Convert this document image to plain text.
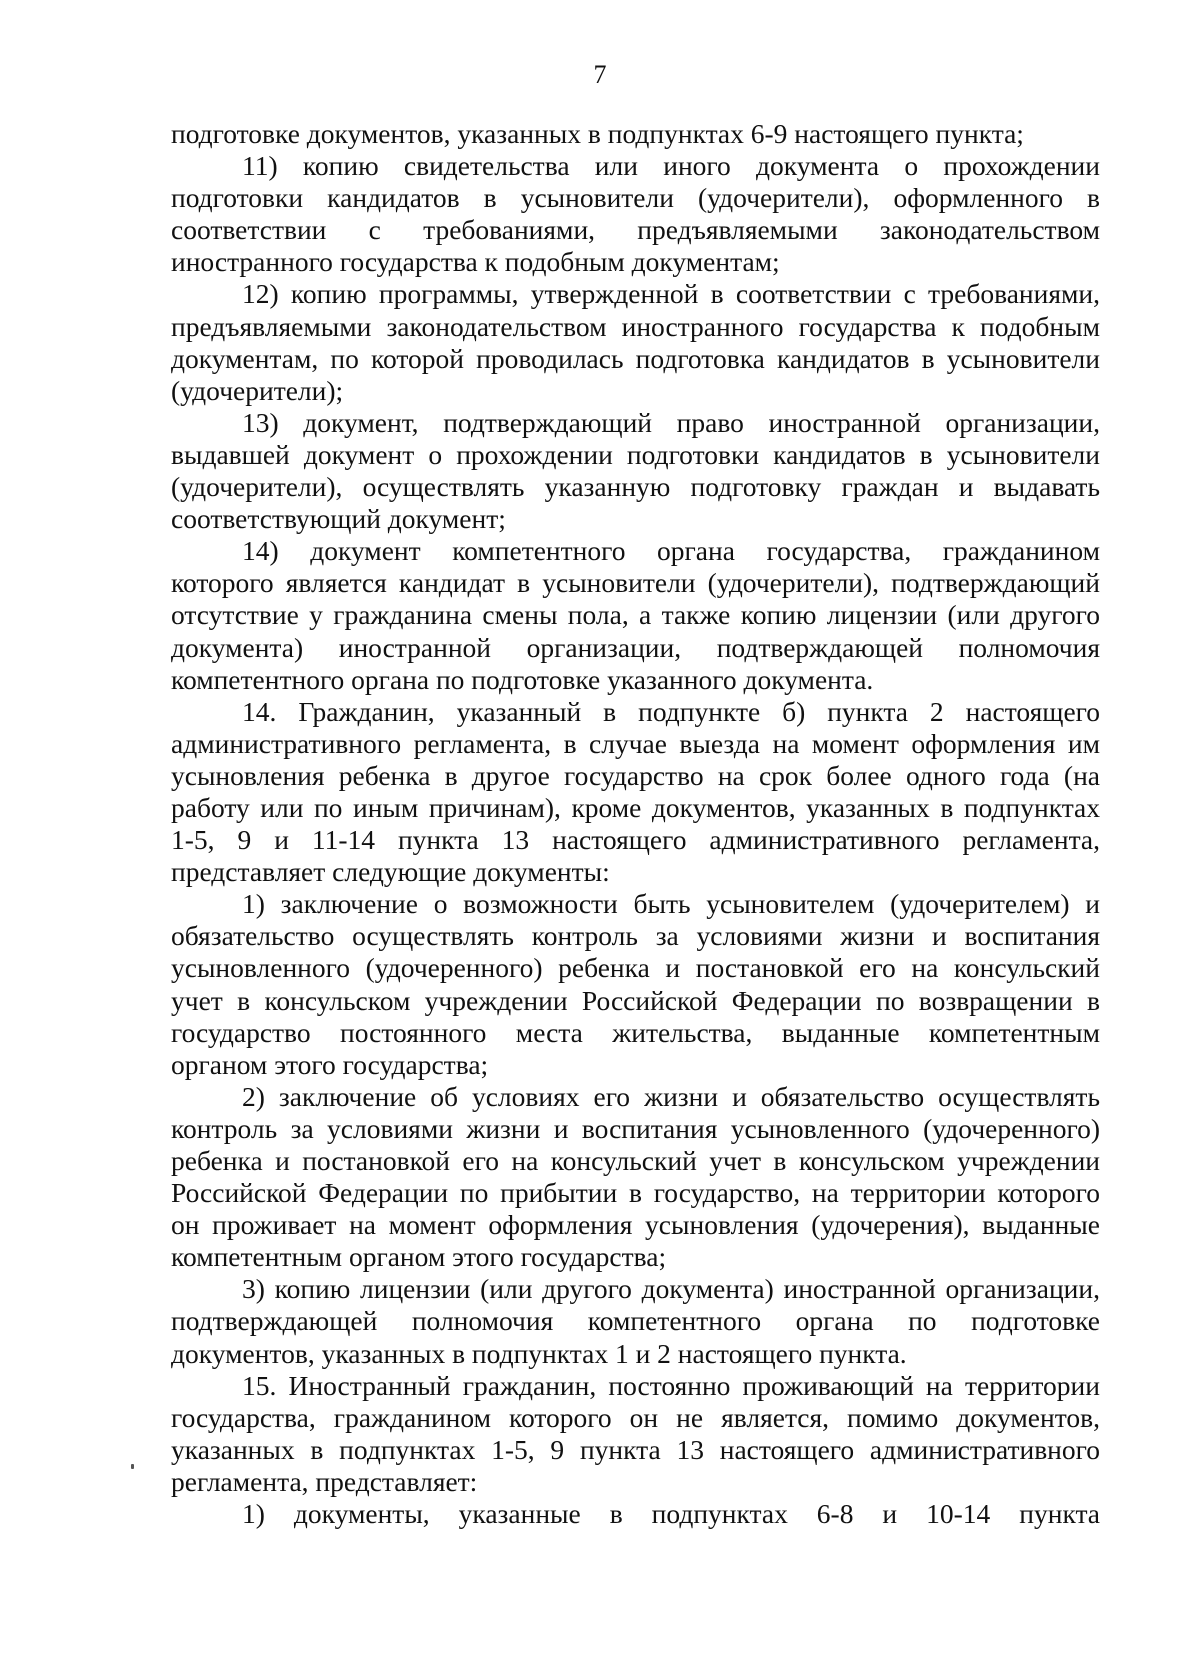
7
подготовке документов, указанных в подпунктах 6-9 настоящего пункта;
11) копию свидетельства или иного документа о прохождении
подготовки кандидатов в усыновители (удочерители), оформленного в
соответствии с требованиями, предъявляемыми законодательством
иностранного государства к подобным документам;
12) копию программы, утвержденной в соответствии с требованиями,
предъявляемыми законодательством иностранного государства к подобным
документам, по которой проводилась подготовка кандидатов в усыновители
(удочерители);
13) документ, подтверждающий право иностранной организации,
выдавшей документ о прохождении подготовки кандидатов в усыновители
(удочерители), осуществлять указанную подготовку граждан и выдавать
соответствующий документ;
14) документ компетентного органа государства, гражданином
которого является кандидат в усыновители (удочерители), подтверждающий
отсутствие у гражданина смены пола, а также копию лицензии (или другого
документа) иностранной организации, подтверждающей полномочия
компетентного органа по подготовке указанного документа.
14. Гражданин, указанный в подпункте б) пункта 2 настоящего
административного регламента, в случае выезда на момент оформления им
усыновления ребенка в другое государство на срок более одного года (на
работу или по иным причинам), кроме документов, указанных в подпунктах
1-5, 9 и 11-14 пункта 13 настоящего административного регламента,
представляет следующие документы:
1) заключение о возможности быть усыновителем (удочерителем) и
обязательство осуществлять контроль за условиями жизни и воспитания
усыновленного (удочеренного) ребенка и постановкой его на консульский
учет в консульском учреждении Российской Федерации по возвращении в
государство постоянного места жительства, выданные компетентным
органом этого государства;
2) заключение об условиях его жизни и обязательство осуществлять
контроль за условиями жизни и воспитания усыновленного (удочеренного)
ребенка и постановкой его на консульский учет в консульском учреждении
Российской Федерации по прибытии в государство, на территории которого
он проживает на момент оформления усыновления (удочерения), выданные
компетентным органом этого государства;
3) копию лицензии (или другого документа) иностранной организации,
подтверждающей полномочия компетентного органа по подготовке
документов, указанных в подпунктах 1 и 2 настоящего пункта.
15. Иностранный гражданин, постоянно проживающий на территории
государства, гражданином которого он не является, помимо документов,
указанных в подпунктах 1-5, 9 пункта 13 настоящего административного
регламента, представляет:
1) документы, указанные в подпунктах 6-8 и 10-14 пункта
